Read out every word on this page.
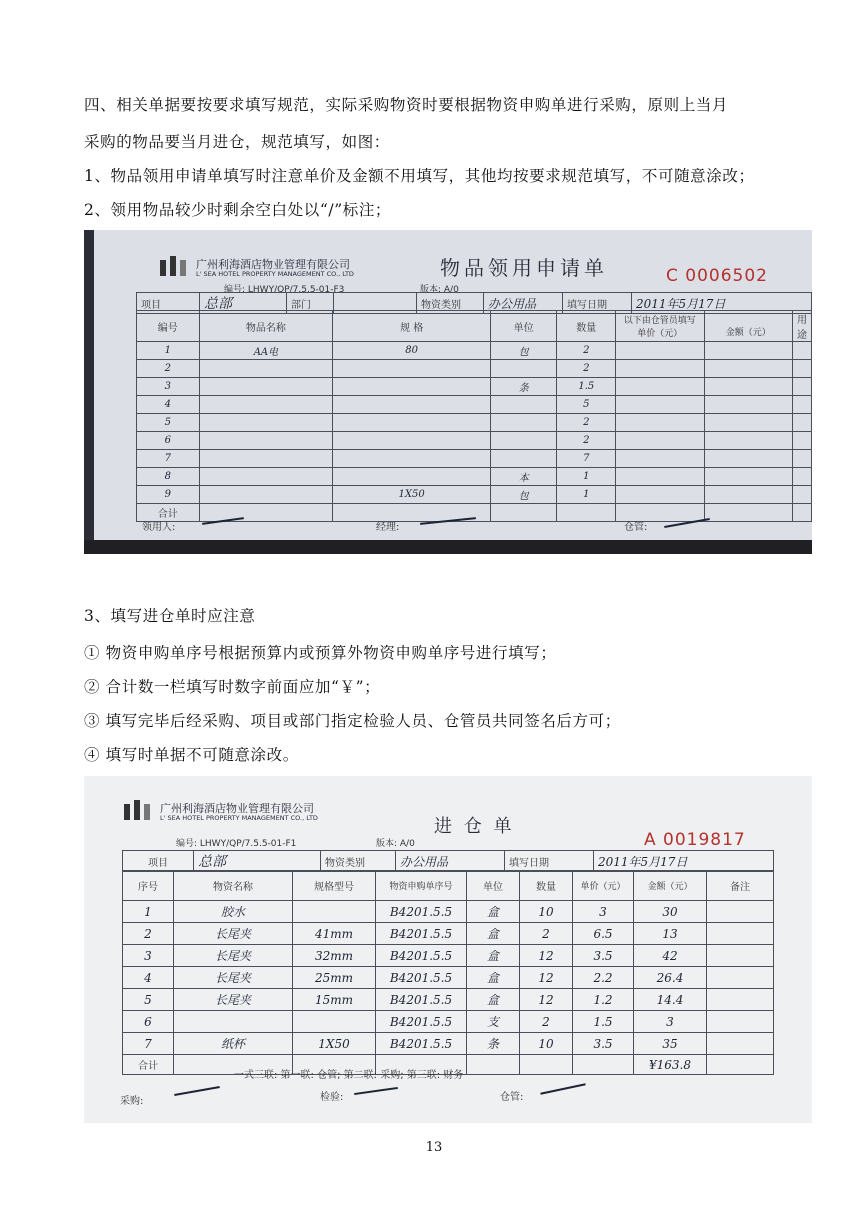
四、相关单据要按要求填写规范，实际采购物资时要根据物资申购单进行采购，原则上当月
采购的物品要当月进仓，规范填写，如图：
1、物品领用申请单填写时注意单价及金额不用填写，其他均按要求规范填写，不可随意涂改；
2、领用物品较少时剩余空白处以“/”标注；
广州利海酒店物业管理有限公司
L' SEA HOTEL PROPERTY MANAGEMENT CO., LTD	物品领用申请单	C 0006502
编号: LHWY/QP/7.5.5-01-F3	版本: A/0
项目	总部	部门		物资类别	办公用品	填写日期	2011年5月17日
编号	物品名称	规 格	单位	数量	以下由仓管员填写
单价（元）	金额（元）	用 途
1	AA电	80	包	2			
2				2			
3			条	1.5			
4				5			
5				2			
6				2			
7				7			
8			本	1			
9		1X50	包	1			
合计							
领用人:	经理:	仓管:
3、填写进仓单时应注意
① 物资申购单序号根据预算内或预算外物资申购单序号进行填写；
② 合计数一栏填写时数字前面应加“￥”；
③ 填写完毕后经采购、项目或部门指定检验人员、仓管员共同签名后方可；
④ 填写时单据不可随意涂改。
广州利海酒店物业管理有限公司
L' SEA HOTEL PROPERTY MANAGEMENT CO., LTD	进 仓 单
A 0019817
编号: LHWY/QP/7.5.5-01-F1	版本: A/0
项目	总部	物资类别	办公用品	填写日期	2011年5月17日
序号	物资名称	规格型号	物资申购单序号	单位	数量	单价（元）	金额（元）	备注
1	胶水		B4201.5.5	盒	10	3	30	
2	长尾夹	41mm	B4201.5.5	盒	2	6.5	13	
3	长尾夹	32mm	B4201.5.5	盒	12	3.5	42	
4	长尾夹	25mm	B4201.5.5	盒	12	2.2	26.4	
5	长尾夹	15mm	B4201.5.5	盒	12	1.2	14.4	
6			B4201.5.5	支	2	1.5	3	
7	纸杯	1X50	B4201.5.5	条	10	3.5	35	
合计							¥163.8	
一式三联: 第一联: 仓管; 第二联: 采购; 第三联: 财务
采购:	检验:	仓管:
13
